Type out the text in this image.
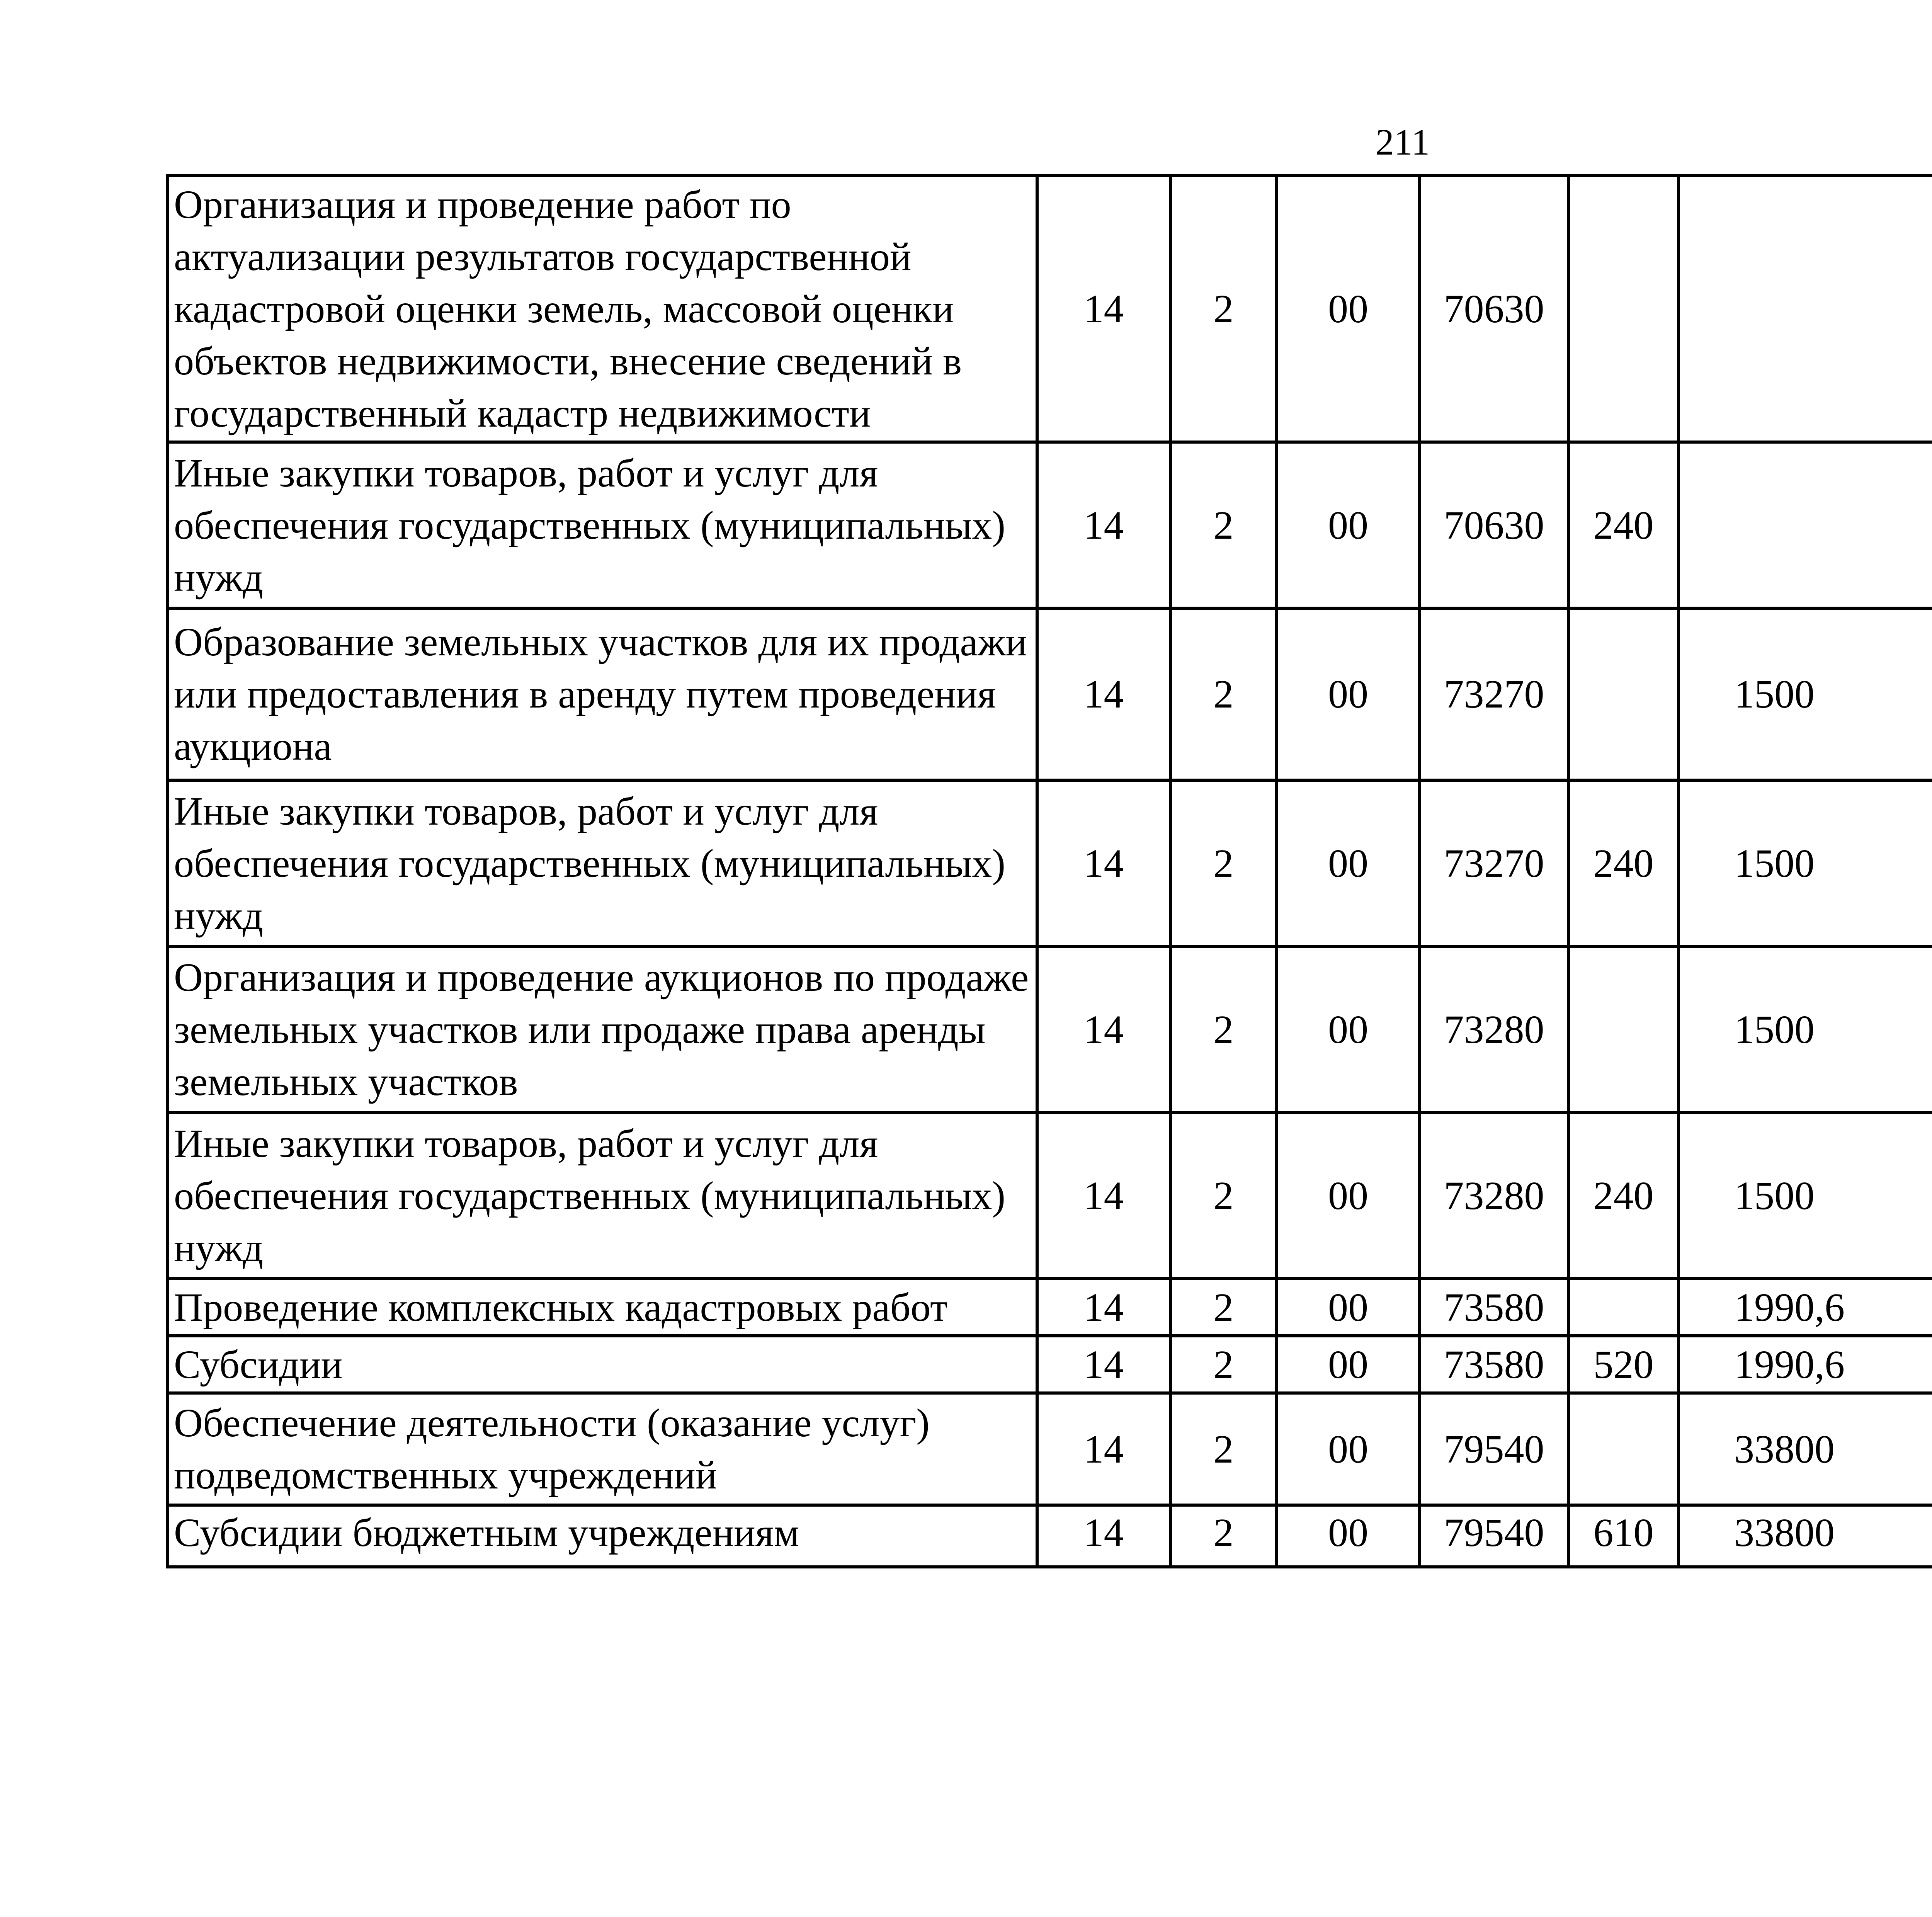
211
Организация и проведение работ по актуализации результатов государственной кадастровой оценки земель, массовой оценки объектов недвижимости, внесение сведений в государственный кадастр недвижимости	14	2	00	70630				
Иные закупки товаров, работ и услуг для обеспечения государственных (муниципальных) нужд	14	2	00	70630	240			
Образование земельных участков для их продажи или предоставления в аренду путем проведения аукциона	14	2	00	73270		1500		
Иные закупки товаров, работ и услуг для обеспечения государственных (муниципальных) нужд	14	2	00	73270	240	1500		
Организация и проведение аукционов по продаже земельных участков или продаже права аренды земельных участков	14	2	00	73280		1500		
Иные закупки товаров, работ и услуг для обеспечения государственных (муниципальных) нужд	14	2	00	73280	240	1500		
Проведение комплексных кадастровых работ	14	2	00	73580		1990,6		
Субсидии	14	2	00	73580	520	1990,6		
Обеспечение деятельности (оказание услуг) подведомственных учреждений	14	2	00	79540		33800		
Субсидии бюджетным учреждениям	14	2	00	79540	610	33800		
